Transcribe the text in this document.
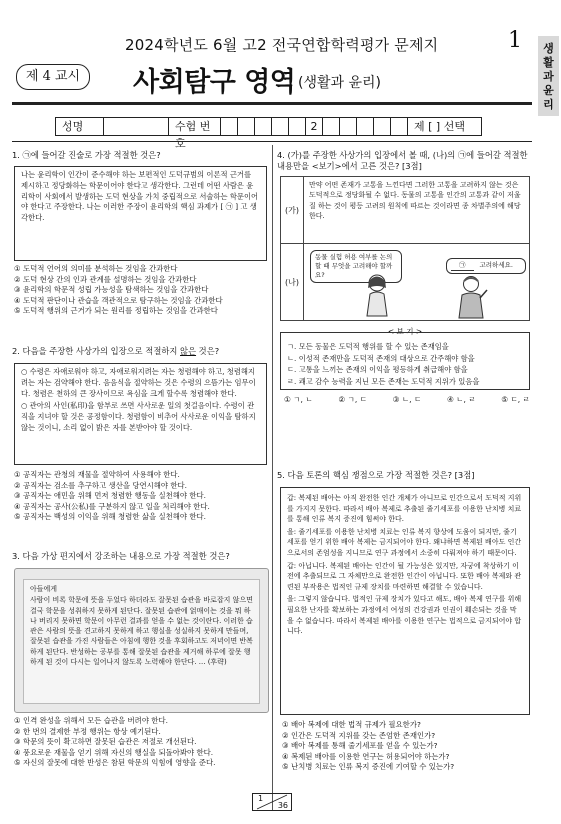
2024학년도 6월 고2 전국연합학력평가 문제지	1	생
활
과
윤
리
제 4 교시	사회탐구 영역 (생활과 윤리)
성명	수험 번호
2	제 [ ] 선택
1. ㉠에 들어갈 진술로 가장 적절한 것은?
나는 윤리학이 인간이 준수해야 하는 보편적인 도덕규범의 이론적 근거를 제시하고 정당화하는 학문이어야 한다고 생각한다. 그런데 어떤 사람은 윤리학이 사회에서 발생하는 도덕 현상을 가치 중립적으로 서술하는 학문이어야 한다고 주장한다. 나는 이러한 주장이 윤리학의 핵심 과제가 [ ㉠ ] 고 생각한다.
① 도덕적 언어의 의미를 분석하는 것임을 간과한다
② 도덕 현상 간의 인과 관계를 설명하는 것임을 간과한다
③ 윤리학의 학문적 성립 가능성을 탐색하는 것임을 간과한다
④ 도덕적 판단이나 관습을 객관적으로 탐구하는 것임을 간과한다
⑤ 도덕적 행위의 근거가 되는 원리를 정립하는 것임을 간과한다
2. 다음을 주장한 사상가의 입장으로 적절하지 않은 것은?
○ 수령은 자애로워야 하고, 자애로워지려는 자는 청렴해야 하고, 청렴해지려는 자는 검약해야 한다. 음음식을 절약하는 것은 수령의 으뜸가는 임무이다. 청렴은 천하의 큰 장사이므로 욕심을 크게 할수록 청렴해야 한다.
○ 관아의 사인(私印)을 함부로 쓰면 사사로운 일의 첫걸음이다. 수령이 관직을 지녀야 할 것은 공정함이다. 청렴함이 비추어 사사로운 이익을 탐하지 않는 것이니, 소리 없이 밝은 자를 본받아야 할 것이다.
① 공직자는 관청의 재물을 절약하여 사용해야 한다.
② 공직자는 검소를 추구하고 생산을 당연시해야 한다.
③ 공직자는 애민을 위해 먼저 청렴한 행동을 실천해야 한다.
④ 공직자는 공사(公私)를 구분하지 않고 일을 처리해야 한다.
⑤ 공직자는 백성의 이익을 위해 청렴한 삶을 실천해야 한다.
3. 다음 가상 편지에서 강조하는 내용으로 가장 적절한 것은?
아들에게
사람이 비록 학문에 뜻을 두었다 하더라도 잘못된 습관을 바로잡지 않으면 결국 학문을 성취하지 못하게 된단다. 잘못된 습관에 얽매이는 것을 뭐 하나 버리지 못하면 학문이 아무런 결과를 얻을 수 없는 것이란다. 이러한 습관은 사람의 뜻을 견고하지 못하게 하고 행실을 성실하지 못하게 만들며, 잘못된 습관을 가진 사람들은 아침에 행한 것을 후회하고도 저녁이면 반복하게 된단다. 반성하는 공부를 통해 잘못된 습관을 제거해 하루에 잘못 행하게 된 것이 다시는 일어나지 않도록 노력해야 한단다. ... (후략)
① 인격 완성을 위해서 모든 습관을 버려야 한다.
② 한 번의 결제한 부정 행위는 항상 예기된다.
③ 학문의 뜻이 확고하면 잘못된 습관은 저절로 개선된다.
④ 풍요로운 재물을 얻기 위해 자신의 행실을 되돌아봐야 한다.
⑤ 자신의 잘못에 대한 반성은 참된 학문의 익힘에 영향을 준다.
4. (가)를 주장한 사상가의 입장에서 볼 때, (나)의 ㉠에 들어갈 적절한 내용만을 <보기>에서 고른 것은? [3점]
(가)
만약 어떤 존재가 고통을 느낀다면 그러한 고통을 고려하지 않는 것은 도덕적으로 정당화될 수 없다. 동물의 고통을 인간의 고통과 같이 저울질 하는 것이 평등 고려의 원칙에 따르는 것이라면 종 차별주의에 해당한다.
(나)
동물 실험 허용 여부를 논의할 때 무엇을 고려해야 할까요?
㉠	고려하세요.
< 보 기 >
ㄱ. 모든 동물은 도덕적 행위를 할 수 있는 존재임을
ㄴ. 이성적 존재만을 도덕적 존재의 대상으로 간주해야 함을
ㄷ. 고통을 느끼는 존재의 이익을 평등하게 취급해야 함을
ㄹ. 쾌고 감수 능력을 지닌 모든 존재는 도덕적 지위가 있음을
① ㄱ, ㄴ	② ㄱ, ㄷ	③ ㄴ, ㄷ	④ ㄴ, ㄹ	⑤ ㄷ, ㄹ
5. 다음 토론의 핵심 쟁점으로 가장 적절한 것은? [3점]

갑: 복제된 배아는 아직 완전한 인간 개체가 아니므로 인간으로서 도덕적 지위를 가지지 못한다. 따라서 배아 복제로 추출된 줄기세포를 이용한 난치병 치료를 통해 인류 복지 증진에 힘써야 한다.

을: 줄기세포를 이용한 난치병 치료는 인류 복지 향상에 도움이 되지만, 줄기세포를 얻기 위한 배아 복제는 금지되어야 한다. 왜냐하면 복제된 배아도 인간으로서의 존엄성을 지니므로 연구 과정에서 소중히 다뤄져야 하기 때문이다.

갑: 아닙니다. 복제된 배아는 인간이 될 가능성은 있지만, 자궁에 착상하기 이전에 추출되므로 그 자체만으로 완전한 인간이 아닙니다. 또한 배아 복제와 관련된 부작용은 법적인 규제 장치를 마련하면 해결할 수 있습니다.

을: 그렇지 않습니다. 법적인 규제 장치가 있다고 해도, 배아 복제 연구를 위해 필요한 난자를 확보하는 과정에서 여성의 건강권과 인권이 훼손되는 것을 막을 수 없습니다. 따라서 복제된 배아를 이용한 연구는 법적으로 금지되어야 합니다.

① 배아 복제에 대한 법적 규제가 필요한가?
② 인간은 도덕적 지위를 갖는 존엄한 존재인가?
③ 배아 복제를 통해 줄기세포를 얻을 수 있는가?
④ 복제된 배아를 이용한 연구는 허용되어야 하는가?
⑤ 난치병 치료는 인류 복지 증진에 기여할 수 있는가?
1
36
